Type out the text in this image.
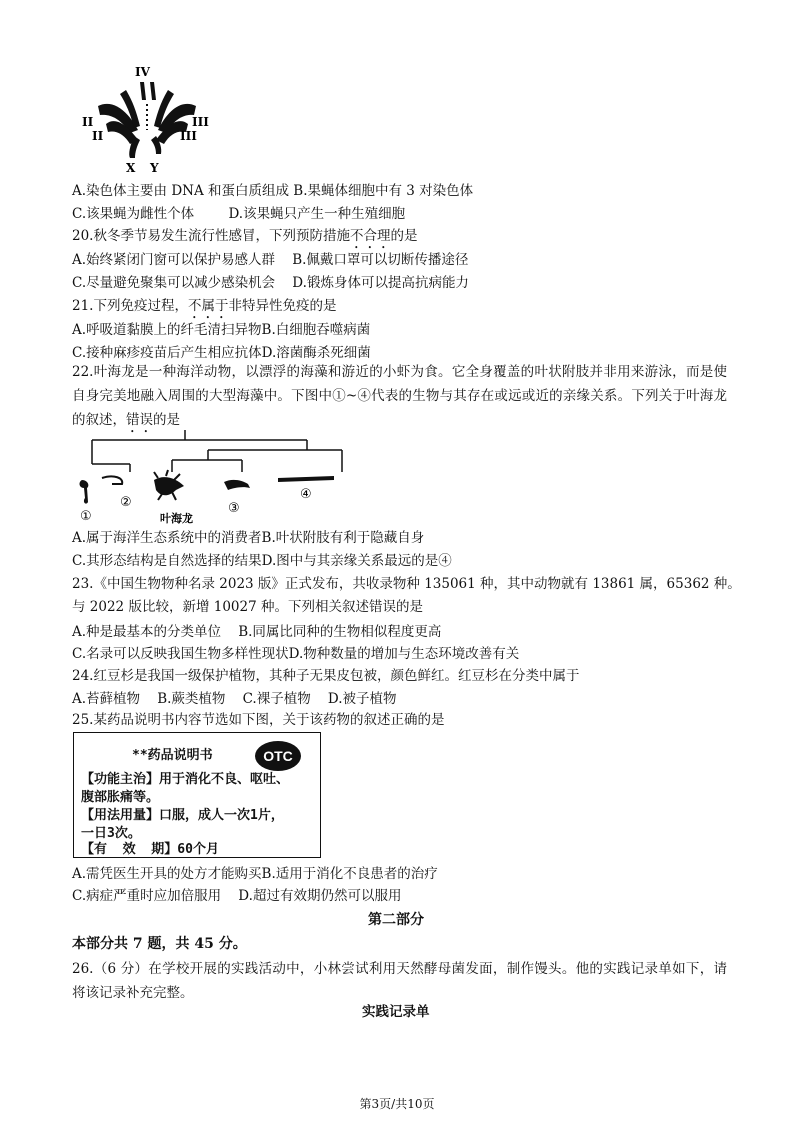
IV
II
II
III
III
X Y
A.染色体主要由 DNA 和蛋白质组成 B.果蝇体细胞中有 3 对染色体
C.该果蝇为雌性个体        D.该果蝇只产生一种生殖细胞
20.秋冬季节易发生流行性感冒，下列预防措施不合理的是
A.始终紧闭门窗可以保护易感人群    B.佩戴口罩可以切断传播途径
C.尽量避免聚集可以减少感染机会    D.锻炼身体可以提高抗病能力
21.下列免疫过程，不属于非特异性免疫的是
A.呼吸道黏膜上的纤毛清扫异物B.白细胞吞噬病菌
C.接种麻疹疫苗后产生相应抗体D.溶菌酶杀死细菌
22.叶海龙是一种海洋动物，以漂浮的海藻和游近的小虾为食。它全身覆盖的叶状附肢并非用来游泳，而是使自身完美地融入周围的大型海藻中。下图中①~④代表的生物与其存在或远或近的亲缘关系。下列关于叶海龙的叙述，错误的是
①
②
叶海龙
③
④
A.属于海洋生态系统中的消费者B.叶状附肢有利于隐藏自身
C.其形态结构是自然选择的结果D.图中与其亲缘关系最远的是④
23.《中国生物物种名录 2023 版》正式发布，共收录物种 135061 种，其中动物就有 13861 属，65362 种。
与 2022 版比较，新增 10027 种。下列相关叙述错误的是
A.种是最基本的分类单位    B.同属比同种的生物相似程度更高
C.名录可以反映我国生物多样性现状D.物种数量的增加与生态环境改善有关
24.红豆杉是我国一级保护植物，其种子无果皮包被，颜色鲜红。红豆杉在分类中属于
A.苔藓植物    B.蕨类植物    C.裸子植物    D.被子植物
25.某药品说明书内容节选如下图，关于该药物的叙述正确的是
**药品说明书	OTC
【功能主治】用于消化不良、呕吐、
腹部胀痛等。
【用法用量】口服，成人一次1片，
一日3次。
【有  效  期】60个月
A.需凭医生开具的处方才能购买B.适用于消化不良患者的治疗
C.病症严重时应加倍服用    D.超过有效期仍然可以服用
第二部分
本部分共 7 题，共 45 分。
26.（6 分）在学校开展的实践活动中，小林尝试利用天然酵母菌发面，制作馒头。他的实践记录单如下，请将该记录补充完整。
实践记录单
第3页/共10页
